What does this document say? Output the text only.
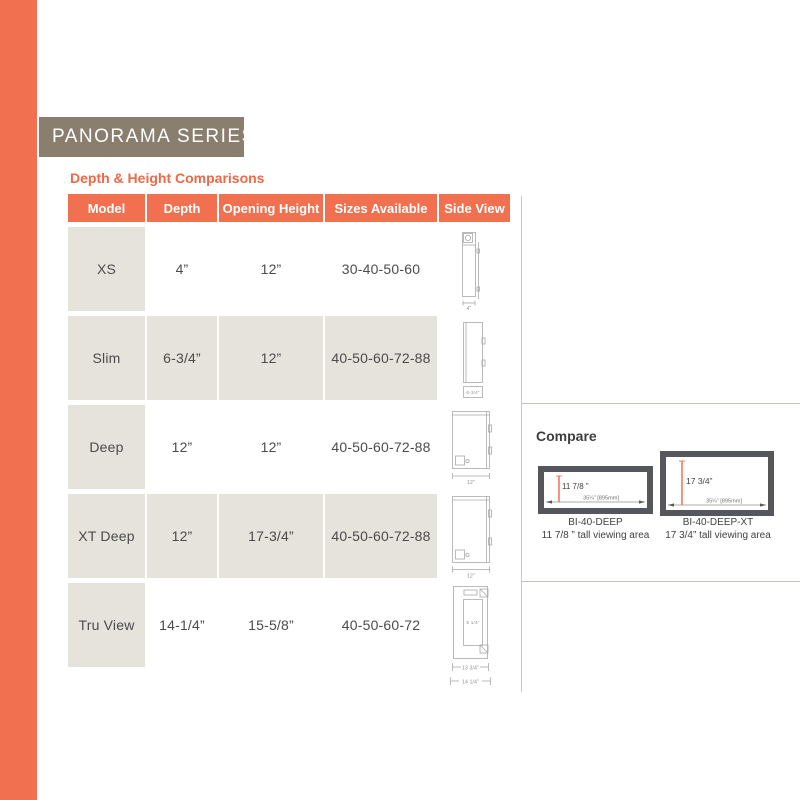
PANORAMA SERIES
Depth & Height Comparisons
Model	Depth	Opening Height	Sizes Available	Side View
XS	4”	12”	30-40-50-60
4”
Slim	6-3/4”	12”	40-50-60-72-88
6-3/4”
Deep	12”	12”	40-50-60-72-88
12”
XT Deep	12”	17-3/4”	40-50-60-72-88
12”
Tru View	14-1/4”	15-5/8”	40-50-60-72	5 1/4”
13 3/4”
14 1/4”
Compare
11 7/8 ”
35¼” [895mm]
BI-40-DEEP
11 7/8 ” tall viewing area
17 3/4”
35¼” [895mm]
BI-40-DEEP-XT
17 3/4” tall viewing area
